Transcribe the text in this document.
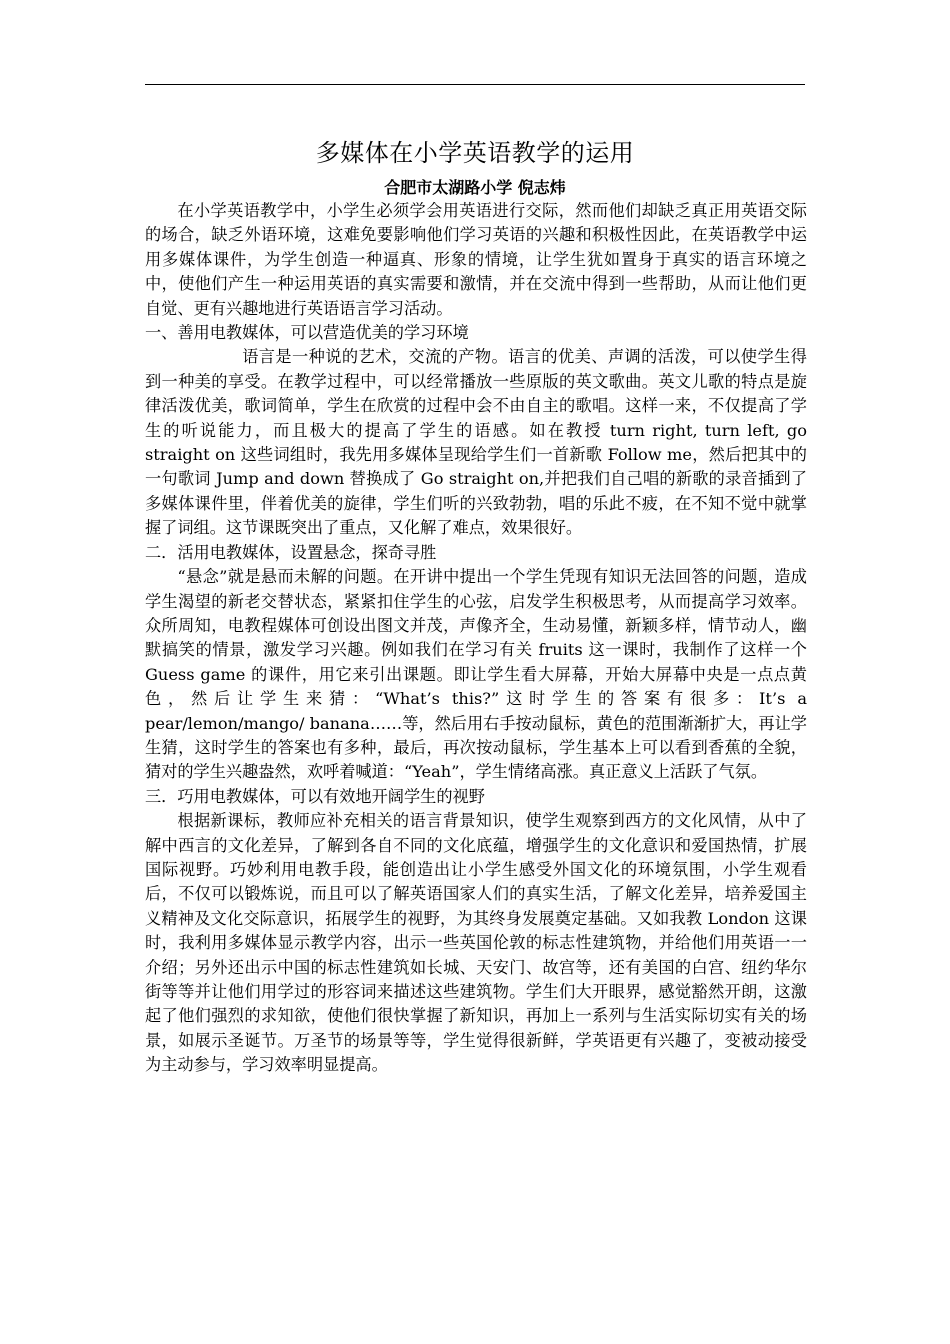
多媒体在小学英语教学的运用
合肥市太湖路小学 倪志炜

在小学英语教学中，小学生必须学会用英语进行交际，然而他们却缺乏真正用英语交际的场合，缺乏外语环境，这难免要影响他们学习英语的兴趣和积极性因此，在英语教学中运用多媒体课件，为学生创造一种逼真、形象的情境，让学生犹如置身于真实的语言环境之中，使他们产生一种运用英语的真实需要和激情，并在交流中得到一些帮助，从而让他们更自觉、更有兴趣地进行英语语言学习活动。

一、善用电教媒体，可以营造优美的学习环境

语言是一种说的艺术，交流的产物。语言的优美、声调的活泼，可以使学生得到一种美的享受。在教学过程中，可以经常播放一些原版的英文歌曲。英文儿歌的特点是旋律活泼优美，歌词简单，学生在欣赏的过程中会不由自主的歌唱。这样一来，不仅提高了学生的听说能力，而且极大的提高了学生的语感。如在教授 turn right, turn left, go straight on 这些词组时，我先用多媒体呈现给学生们一首新歌 Follow me，然后把其中的一句歌词 Jump and down 替换成了 Go straight on,并把我们自己唱的新歌的录音插到了多媒体课件里，伴着优美的旋律，学生们听的兴致勃勃，唱的乐此不疲，在不知不觉中就掌握了词组。这节课既突出了重点，又化解了难点，效果很好。

二．活用电教媒体，设置悬念，探奇寻胜

“悬念”就是悬而未解的问题。在开讲中提出一个学生凭现有知识无法回答的问题，造成学生渴望的新老交替状态，紧紧扣住学生的心弦，启发学生积极思考，从而提高学习效率。众所周知，电教程媒体可创设出图文并茂，声像齐全，生动易懂，新颖多样，情节动人，幽默搞笑的情景，激发学习兴趣。例如我们在学习有关 fruits 这一课时，我制作了这样一个 Guess game 的课件，用它来引出课题。即让学生看大屏幕，开始大屏幕中央是一点点黄色，然后让学生来猜：“What’s this?”这时学生的答案有很多：It’s a pear/lemon/mango/ banana……等，然后用右手按动鼠标，黄色的范围渐渐扩大，再让学生猜，这时学生的答案也有多种，最后，再次按动鼠标，学生基本上可以看到香蕉的全貌，猜对的学生兴趣盎然，欢呼着喊道：“Yeah”，学生情绪高涨。真正意义上活跃了气氛。

三．巧用电教媒体，可以有效地开阔学生的视野

根据新课标，教师应补充相关的语言背景知识，使学生观察到西方的文化风情，从中了解中西言的文化差异，了解到各自不同的文化底蕴，增强学生的文化意识和爱国热情，扩展国际视野。巧妙利用电教手段，能创造出让小学生感受外国文化的环境氛围，小学生观看后，不仅可以锻炼说，而且可以了解英语国家人们的真实生活，了解文化差异，培养爱国主义精神及文化交际意识，拓展学生的视野，为其终身发展奠定基础。又如我教 London 这课时，我利用多媒体显示教学内容，出示一些英国伦敦的标志性建筑物，并给他们用英语一一介绍；另外还出示中国的标志性建筑如长城、天安门、故宫等，还有美国的白宫、纽约华尔街等等并让他们用学过的形容词来描述这些建筑物。学生们大开眼界，感觉豁然开朗，这激起了他们强烈的求知欲，使他们很快掌握了新知识，再加上一系列与生活实际切实有关的场景，如展示圣诞节。万圣节的场景等等，学生觉得很新鲜，学英语更有兴趣了，变被动接受为主动参与，学习效率明显提高。
